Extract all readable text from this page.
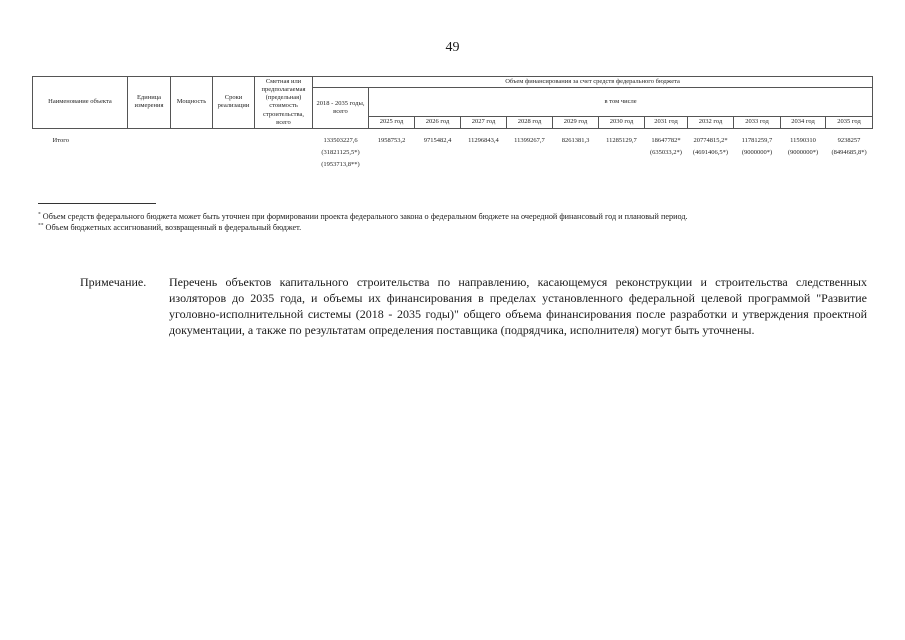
49
Наименование объекта	Единица измерения	Мощность	Сроки реализации	Сметная или предполагаемая (предельная) стоимость строительства, всего	Объем финансирования за счет средств федерального бюджета											
					2018 - 2035 годы, всего	в том числе										
						2025 год	2026 год	2027 год	2028 год	2029 год	2030 год	2031 год	2032 год	2033 год	2034 год	2035 год
Итого					133503227,6	1958753,2	9715482,4	11296843,4	11399267,7	8261381,3	11285129,7	18647782*	20774815,2*	11781259,7	11590310	9238257
					(31821125,5*)							(635033,2*)	(4691406,5*)	(9000000*)	(9000000*)	(8494685,8*)
					(1953713,8**)											
* Объем средств федерального бюджета может быть уточнен при формировании проекта федерального закона о федеральном бюджете на очередной финансовый год и плановый период.
** Объем бюджетных ассигнований, возвращенный в федеральный бюджет.
Примечание. Перечень объектов капитального строительства по направлению, касающемуся реконструкции и строительства следственных изоляторов до 2035 года, и объемы их финансирования в пределах установленного федеральной целевой программой "Развитие уголовно-исполнительной системы (2018 - 2035 годы)" общего объема финансирования после разработки и утверждения проектной документации, а также по результатам определения поставщика (подрядчика, исполнителя) могут быть уточнены.
